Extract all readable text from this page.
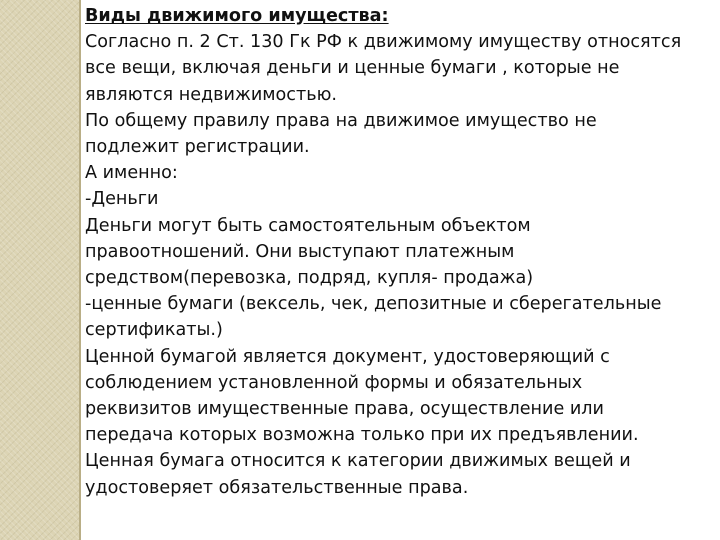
Виды движимого имущества:

Согласно п. 2 Ст. 130 Гк РФ к движимому имуществу относятся

все вещи, включая деньги и ценные бумаги , которые не

являются недвижимостью.

По общему правилу права на движимое имущество не

подлежит регистрации.

А именно:

-Деньги

Деньги могут быть самостоятельным объектом

правоотношений. Они выступают платежным

средством(перевозка, подряд, купля- продажа)

-ценные бумаги (вексель, чек, депозитные и сберегательные

сертификаты.)

Ценной бумагой является документ, удостоверяющий с

соблюдением установленной формы и обязательных

реквизитов имущественные права, осуществление или

передача которых возможна только при их предъявлении.

Ценная бумага относится к категории движимых вещей и

удостоверяет обязательственные права.
